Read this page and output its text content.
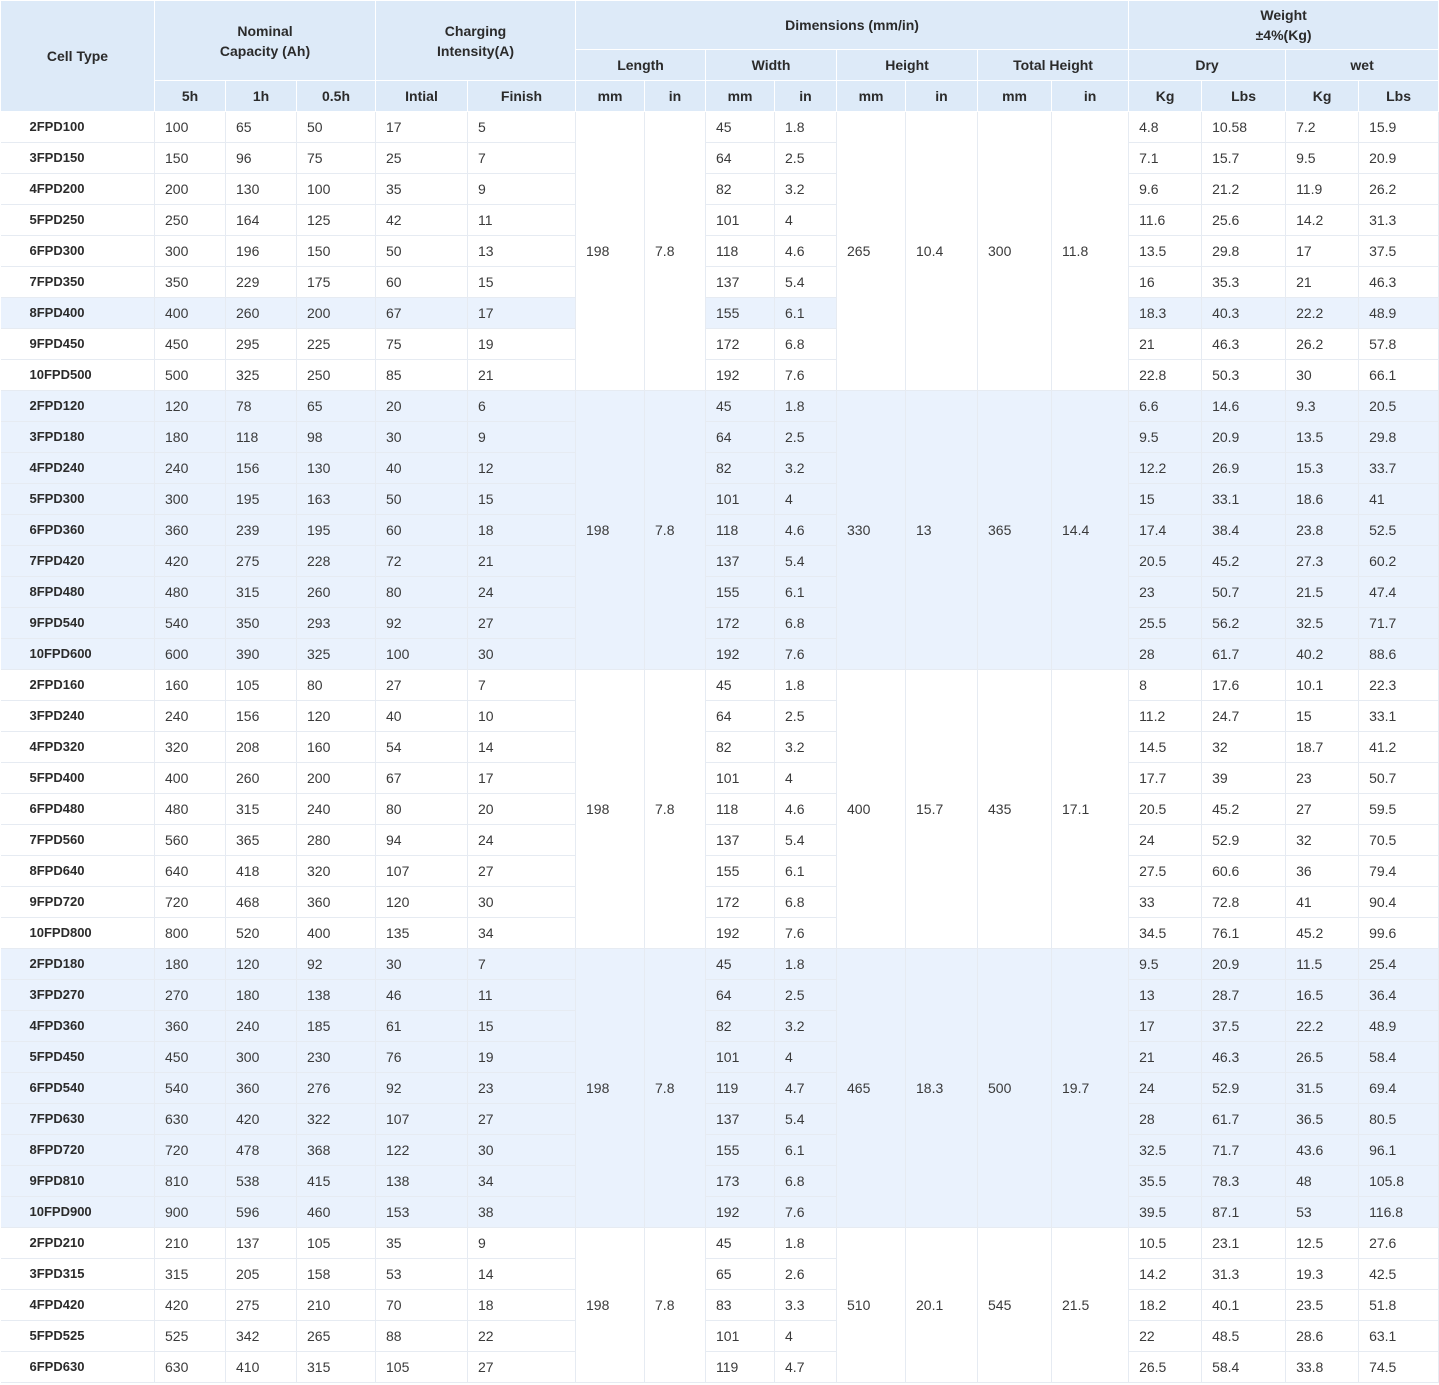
Cell Type	Nominal
Capacity (Ah)			Charging
Intensity(A)		Dimensions (mm/in)								Weight
±4%(Kg)			
						Length		Width		Height		Total Height		Dry		wet	
	5h	1h	0.5h	Intial	Finish	mm	in	mm	in	mm	in	mm	in	Kg	Lbs	Kg	Lbs
2FPD100	100	65	50	17	5	198	7.8	45	1.8	265	10.4	300	11.8	4.8	10.58	7.2	15.9
3FPD150	150	96	75	25	7			64	2.5					7.1	15.7	9.5	20.9
4FPD200	200	130	100	35	9			82	3.2					9.6	21.2	11.9	26.2
5FPD250	250	164	125	42	11			101	4					11.6	25.6	14.2	31.3
6FPD300	300	196	150	50	13			118	4.6					13.5	29.8	17	37.5
7FPD350	350	229	175	60	15			137	5.4					16	35.3	21	46.3
8FPD400	400	260	200	67	17			155	6.1					18.3	40.3	22.2	48.9
9FPD450	450	295	225	75	19			172	6.8					21	46.3	26.2	57.8
10FPD500	500	325	250	85	21			192	7.6					22.8	50.3	30	66.1
2FPD120	120	78	65	20	6	198	7.8	45	1.8	330	13	365	14.4	6.6	14.6	9.3	20.5
3FPD180	180	118	98	30	9			64	2.5					9.5	20.9	13.5	29.8
4FPD240	240	156	130	40	12			82	3.2					12.2	26.9	15.3	33.7
5FPD300	300	195	163	50	15			101	4					15	33.1	18.6	41
6FPD360	360	239	195	60	18			118	4.6					17.4	38.4	23.8	52.5
7FPD420	420	275	228	72	21			137	5.4					20.5	45.2	27.3	60.2
8FPD480	480	315	260	80	24			155	6.1					23	50.7	21.5	47.4
9FPD540	540	350	293	92	27			172	6.8					25.5	56.2	32.5	71.7
10FPD600	600	390	325	100	30			192	7.6					28	61.7	40.2	88.6
2FPD160	160	105	80	27	7	198	7.8	45	1.8	400	15.7	435	17.1	8	17.6	10.1	22.3
3FPD240	240	156	120	40	10			64	2.5					11.2	24.7	15	33.1
4FPD320	320	208	160	54	14			82	3.2					14.5	32	18.7	41.2
5FPD400	400	260	200	67	17			101	4					17.7	39	23	50.7
6FPD480	480	315	240	80	20			118	4.6					20.5	45.2	27	59.5
7FPD560	560	365	280	94	24			137	5.4					24	52.9	32	70.5
8FPD640	640	418	320	107	27			155	6.1					27.5	60.6	36	79.4
9FPD720	720	468	360	120	30			172	6.8					33	72.8	41	90.4
10FPD800	800	520	400	135	34			192	7.6					34.5	76.1	45.2	99.6
2FPD180	180	120	92	30	7	198	7.8	45	1.8	465	18.3	500	19.7	9.5	20.9	11.5	25.4
3FPD270	270	180	138	46	11			64	2.5					13	28.7	16.5	36.4
4FPD360	360	240	185	61	15			82	3.2					17	37.5	22.2	48.9
5FPD450	450	300	230	76	19			101	4					21	46.3	26.5	58.4
6FPD540	540	360	276	92	23			119	4.7					24	52.9	31.5	69.4
7FPD630	630	420	322	107	27			137	5.4					28	61.7	36.5	80.5
8FPD720	720	478	368	122	30			155	6.1					32.5	71.7	43.6	96.1
9FPD810	810	538	415	138	34			173	6.8					35.5	78.3	48	105.8
10FPD900	900	596	460	153	38			192	7.6					39.5	87.1	53	116.8
2FPD210	210	137	105	35	9	198	7.8	45	1.8	510	20.1	545	21.5	10.5	23.1	12.5	27.6
3FPD315	315	205	158	53	14			65	2.6					14.2	31.3	19.3	42.5
4FPD420	420	275	210	70	18			83	3.3					18.2	40.1	23.5	51.8
5FPD525	525	342	265	88	22			101	4					22	48.5	28.6	63.1
6FPD630	630	410	315	105	27			119	4.7					26.5	58.4	33.8	74.5
